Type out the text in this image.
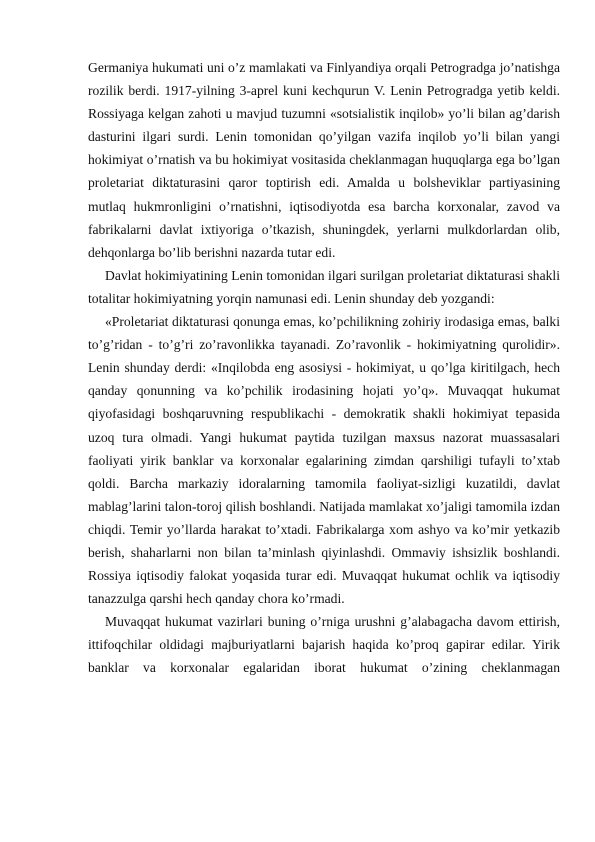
Germaniya hukumati uni o’z mamlakati va Finlyandiya orqali Petrogradga jo’natishga rozilik berdi. 1917-yilning 3-aprel kuni kechqurun V. Lenin Petrogradga yetib keldi. Rossiyaga kelgan zahoti u mavjud tuzumni «sotsialistik inqilob» yo’li bilan ag’darish dasturini ilgari surdi. Lenin tomonidan qo’yilgan vazifa inqilob yo’li bilan yangi hokimiyat o’rnatish va bu hokimiyat vositasida cheklanmagan huquqlarga ega bo’lgan proletariat diktaturasini qaror toptirish edi. Amalda u bolsheviklar partiyasining mutlaq hukmronligini o’rnatishni, iqtisodiyotda esa barcha korxonalar, zavod va fabrikalarni davlat ixtiyoriga o’tkazish, shuningdek, yerlarni mulkdorlardan olib, dehqonlarga bo’lib berishni nazarda tutar edi.

Davlat hokimiyatining Lenin tomonidan ilgari surilgan proletariat diktaturasi shakli totalitar hokimiyatning yorqin namunasi edi. Lenin shunday deb yozgandi:

«Proletariat diktaturasi qonunga emas, ko’pchilikning zohiriy irodasiga emas, balki to’g’ridan - to’g’ri zo’ravonlikka tayanadi. Zo’ravonlik - hokimiyatning qurolidir». Lenin shunday derdi: «Inqilobda eng asosiysi - hokimiyat, u qo’lga kiritilgach, hech qanday qonunning va ko’pchilik irodasining hojati yo’q». Muvaqqat hukumat qiyofasidagi boshqaruvning respublikachi - demokratik shakli hokimiyat tepasida uzoq tura olmadi. Yangi hukumat paytida tuzilgan maxsus nazorat muassasalari faoliyati yirik banklar va korxonalar egalarining zimdan qarshiligi tufayli to’xtab qoldi. Barcha markaziy idoralarning tamomila faoliyat-sizligi kuzatildi, davlat mablag’larini talon-toroj qilish boshlandi. Natijada mamlakat xo’jaligi tamomila izdan chiqdi. Temir yo’llarda harakat to’xtadi. Fabrikalarga xom ashyo va ko’mir yetkazib berish, shaharlarni non bilan ta’minlash qiyinlashdi. Ommaviy ishsizlik boshlandi. Rossiya iqtisodiy falokat yoqasida turar edi. Muvaqqat hukumat ochlik va iqtisodiy tanazzulga qarshi hech qanday chora ko’rmadi.

Muvaqqat hukumat vazirlari buning o’rniga urushni g’alabagacha davom ettirish, ittifoqchilar oldidagi majburiyatlarni bajarish haqida ko’proq gapirar edilar. Yirik banklar va korxonalar egalaridan iborat hukumat o’zining cheklanmagan
